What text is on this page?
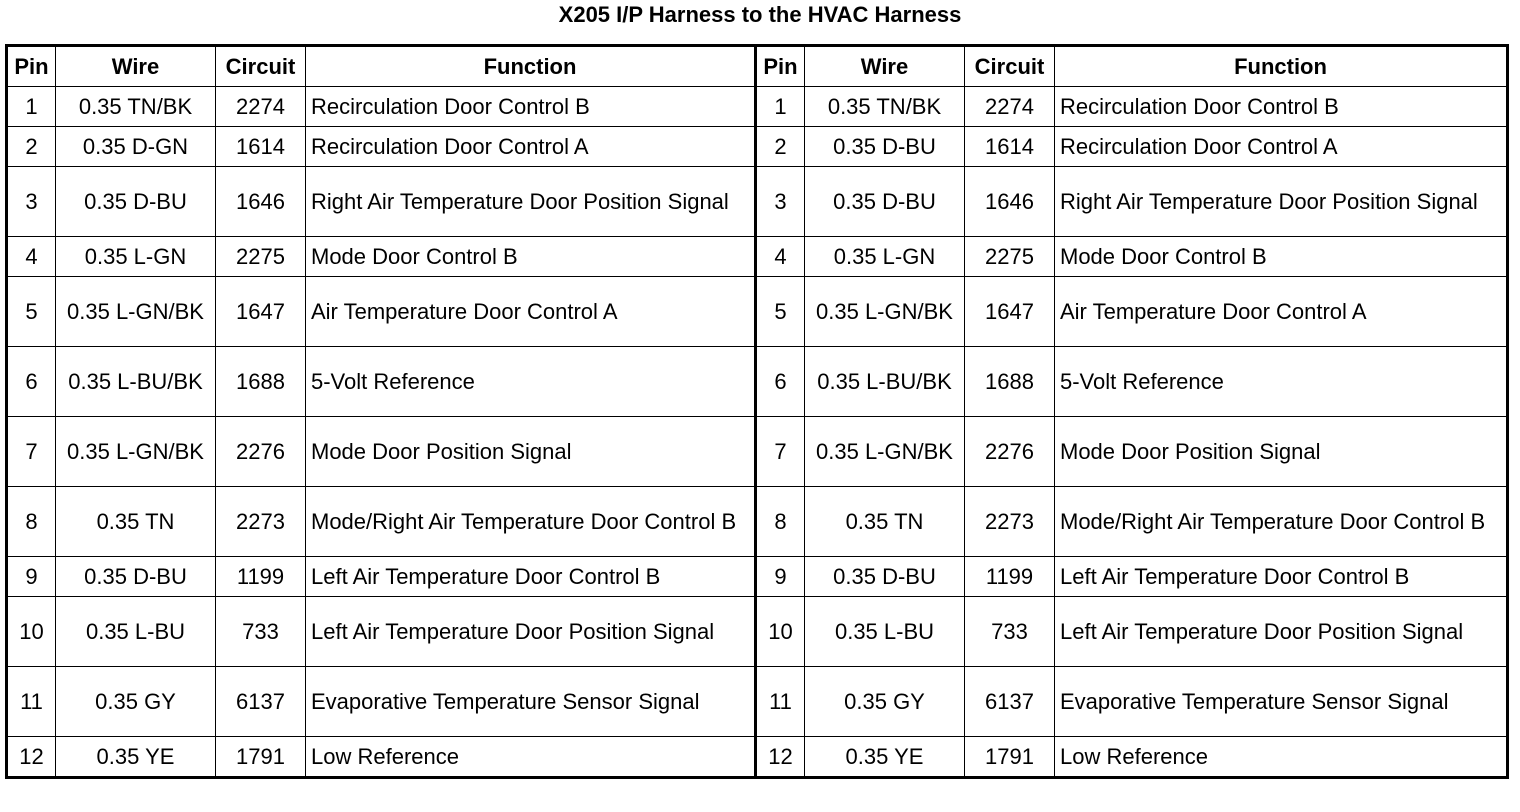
X205 I/P Harness to the HVAC Harness
Pin	Wire	Circuit	Function	Pin	Wire	Circuit	Function
1	0.35 TN/BK	2274	Recirculation Door Control B	1	0.35 TN/BK	2274	Recirculation Door Control B
2	0.35 D-GN	1614	Recirculation Door Control A	2	0.35 D-BU	1614	Recirculation Door Control A
3	0.35 D-BU	1646	Right Air Temperature Door Position Signal	3	0.35 D-BU	1646	Right Air Temperature Door Position Signal
4	0.35 L-GN	2275	Mode Door Control B	4	0.35 L-GN	2275	Mode Door Control B
5	0.35 L-GN/BK	1647	Air Temperature Door Control A	5	0.35 L-GN/BK	1647	Air Temperature Door Control A
6	0.35 L-BU/BK	1688	5-Volt Reference	6	0.35 L-BU/BK	1688	5-Volt Reference
7	0.35 L-GN/BK	2276	Mode Door Position Signal	7	0.35 L-GN/BK	2276	Mode Door Position Signal
8	0.35 TN	2273	Mode/Right Air Temperature Door Control B	8	0.35 TN	2273	Mode/Right Air Temperature Door Control B
9	0.35 D-BU	1199	Left Air Temperature Door Control B	9	0.35 D-BU	1199	Left Air Temperature Door Control B
10	0.35 L-BU	733	Left Air Temperature Door Position Signal	10	0.35 L-BU	733	Left Air Temperature Door Position Signal
11	0.35 GY	6137	Evaporative Temperature Sensor Signal	11	0.35 GY	6137	Evaporative Temperature Sensor Signal
12	0.35 YE	1791	Low Reference	12	0.35 YE	1791	Low Reference
